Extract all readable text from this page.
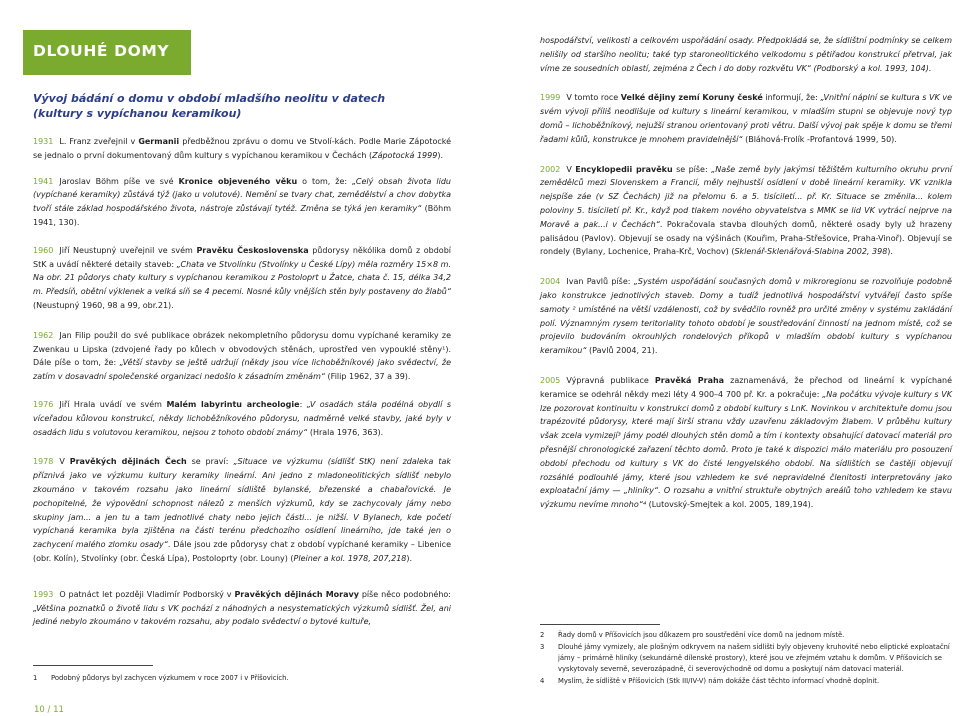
DLOUHÉ DOMY

Vývoj bádání o domu v období mladšího neolitu v datech

(kultury s vypíchanou keramikou)

1931 L. Franz zveřejnil v Germanii předběžnou zprávu o domu ve Stvolí-kách. Podle Marie Zápotocké se jednalo o první dokumentovaný dům kultury s vypíchanou keramikou v Čechách (Zápotocká 1999).

1941 Jaroslav Böhm píše ve své Kronice objeveného věku o tom, že: „Celý obsah života lidu (vypíchané keramiky) zůstává týž (jako u volutové). Nemění se tvary chat, zemědělství a chov dobytka tvoří stále základ hospodářského života, nástroje zůstávají tytéž. Změna se týká jen keramiky“ (Böhm 1941, 130).

1960 Jiří Neustupný uveřejnil ve svém Pravěku Československa půdorysy někólika domů z období StK a uvádí některé detaily staveb: „Chata ve Stvolínku (Stvolínky u České Lípy) měla rozměry 15×8 m. Na obr. 21 půdorys chaty kultury s vypíchanou keramikou z Postoloprt u Žatce, chata č. 15, délka 34,2 m. Předsíň, obětní výklenek a velká síň se 4 pecemi. Nosné kůly vnějších stěn byly postaveny do žlabů“ (Neustupný 1960, 98 a 99, obr.21).

1962 Jan Filip použil do své publikace obrázek nekompletního půdorysu domu vypíchané keramiky ze Zwenkau u Lipska (zdvojené řady po kůlech v obvodových stěnách, uprostřed ven vypouklé stěny¹). Dále píše o tom, že: „Větší stavby se ještě udržují (někdy jsou více lichoběžníkové) jako svědectví, že zatím v dosavadní společenské organizaci nedošlo k zásadním změnám“ (Filip 1962, 37 a 39).

1976 Jiří Hrala uvádí ve svém Malém labyrintu archeologie: „V osadách stála podélná obydlí s víceřadou kůlovou konstrukcí, někdy lichoběžníkového půdorysu, nadměrně velké stavby, jaké byly v osadách lidu s volutovou keramikou, nejsou z tohoto období známy“ (Hrala 1976, 363).

1978 V Pravěkých dějinách Čech se praví: „Situace ve výzkumu (sídlišť StK) není zdaleka tak příznivá jako ve výzkumu kultury keramiky lineární. Ani jedno z mladoneolitických sídlišť nebylo zkoumáno v takovém rozsahu jako lineární sídliště bylanské, březenské a chabařovické. Je pochopitelné, že výpovědní schopnost nálezů z menších výzkumů, kdy se zachycovaly jámy nebo skupiny jam... a jen tu a tam jednotlivé chaty nebo jejich části... je nižší. V Bylanech, kde početí vypíchaná keramika byla zjištěna na části terénu předchozího osídlení lineárního, jde také jen o zachycení malého zlomku osady“. Dále jsou zde půdorysy chat z období vypíchané keramiky – Libenice (obr. Kolín), Stvolínky (obr. Česká Lípa), Postoloprty (obr. Louny) (Pleiner a kol. 1978, 207,218).

1993 O patnáct let později Vladimír Podborský v Pravěkých dějinách Moravy píše něco podobného: „Většina poznatků o životě lidu s VK pochází z náhodných a nesystematických výzkumů sídlišť. Žel, ani jediné nebylo zkoumáno v takovém rozsahu, aby podalo svědectví o bytové kultuře,

hospodářství, velikosti a celkovém uspořádání osady. Předpokládá se, že sídlištní podmínky se celkem nelišily od staršího neolitu; také typ staroneolitického velkodomu s pětiřadou konstrukcí přetrval, jak víme ze sousedních oblastí, zejména z Čech i do doby rozkvětu VK“ (Podborský a kol. 1993, 104).

1999 V tomto roce Velké dějiny zemí Koruny české informují, že: „Vnitřní náplní se kultura s VK ve svém vývoji příliš neodlišuje od kultury s lineární keramikou, v mladším stupni se objevuje nový typ domů – lichoběžníkový, nejužší stranou orientovaný proti větru. Další vývoj pak spěje k domu se třemi řadami kůlů, konstrukce je mnohem pravidelnější“ (Bláhová-Frolík -Profantová 1999, 50).

2002 V Encyklopedii pravěku se píše: „Naše země byly jakýmsi těžištěm kulturního okruhu první zemědělců mezi Slovenskem a Francií, měly nejhustší osídlení v době lineární keramiky. VK vznikla nejspíše záe (v SZ Čechách) již na přelomu 6. a 5. tisíciletí... př. Kr. Situace se změnila... kolem poloviny 5. tisíciletí př. Kr., když pod tlakem nového obyvatelstva s MMK se lid VK vytrácí nejprve na Moravě a pak...i v Čechách“. Pokračovala stavba dlouhých domů, některé osady byly už hrazeny palisádou (Pavlov). Objevují se osady na výšinách (Kouřim, Praha-Střešovice, Praha-Vinoř). Objevují se rondely (Bylany, Lochenice, Praha-Krč, Vochov) (Sklenář-Sklenářová-Slabina 2002, 398).

2004 Ivan Pavlů píše: „Systém uspořádání současných domů v mikroregionu se rozvolňuje podobně jako konstrukce jednotlivých staveb. Domy a tudíž jednotlivá hospodářství vytvářejí často spíše samoty ² umístěné na větší vzdálenosti, což by svědčilo rovněž pro určité změny v systému zakládání polí. Významným rysem teritoriality tohoto období je soustředování činností na jednom místě, což se projevilo budováním okrouhlých rondelových příkopů v mladším období kultury s vypíchanou keramikou“ (Pavlů 2004, 21).

2005 Výpravná publikace Pravěká Praha zaznamenává, že přechod od lineární k vypíchané keramice se odehrál někdy mezi léty 4 900–4 700 př. Kr. a pokračuje: „Na počátku vývoje kultury s VK lze pozorovat kontinuitu v konstrukci domů z období kultury s LnK. Novinkou v architektuře domu jsou trapézovité půdorysy, které mají širší stranu vždy uzavřenu základovým žlabem. V průběhu kultury však zcela vymizejí³ jámy podél dlouhých stěn domů a tím i kontexty obsahující datovací materiál pro přesnější chronologické zařazení těchto domů. Proto je také k dispozici málo materiálu pro posouzení období přechodu od kultury s VK do čisté lengyelského období. Na sídlištích se častěji objevují rozsáhlé podlouhlé jámy, které jsou vzhledem ke své nepravidelné členitosti interpretovány jako exploatační jámy — „hliníky“. O rozsahu a vnitřní struktuře obytných areálů toho vzhledem ke stavu výzkumu nevíme mnoho“⁴ (Lutovský-Smejtek a kol. 2005, 189,194).

1	Podobný půdorys byl zachycen výzkumem v roce 2007 i v Příšovicích.
2	Řady domů v Příšovicích jsou důkazem pro soustředění více domů na jednom místě.
3	Dlouhé jámy vymizely, ale plošným odkryvem na našem sídlišti byly objeveny kruhovité nebo eliptické exploatační jámy – primárně hliníky (sekundárně dílenské prostory), které jsou ve zřejmém vztahu k domům. V Příšovicích se vyskytovaly severně, severozápadně, či severovýchodně od domu a poskytují nám datovací materiál.
4	Myslím, že sídliště v Příšovicích (Stk III/IV-V) nám dokáže část těchto informací vhodně doplnit.
10 / 11
